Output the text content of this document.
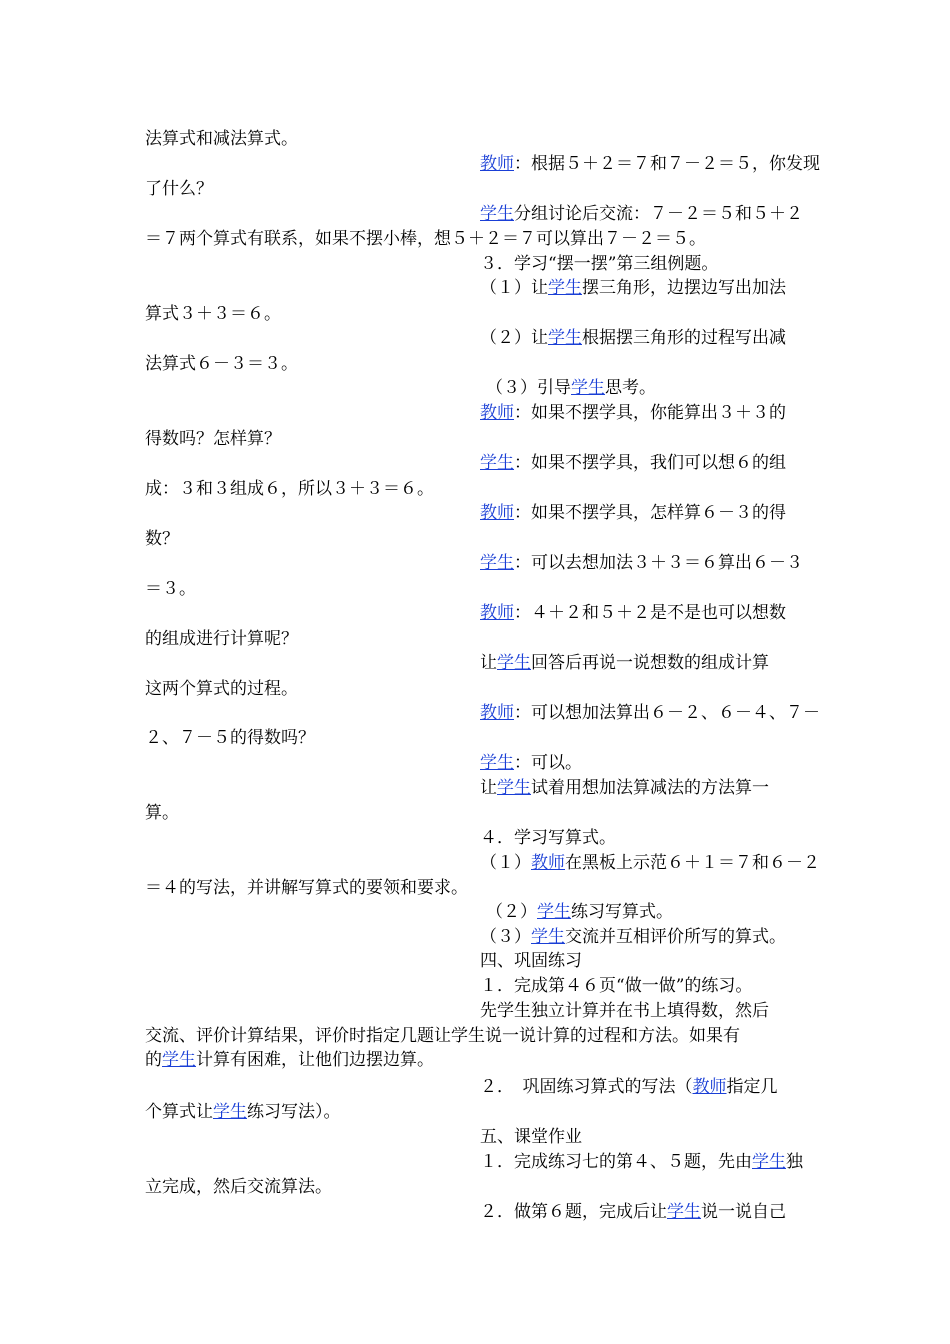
法算式和减法算式。
教师：根据５＋２＝７和７－２＝５，你发现
了什么？
学生分组讨论后交流：７－２＝５和５＋２
＝７两个算式有联系，如果不摆小棒，想５＋２＝７可以算出７－２＝５。
３．学习“摆一摆”第三组例题。
（１）让学生摆三角形，边摆边写出加法
算式３＋３＝６。
（２）让学生根据摆三角形的过程写出减
法算式６－３＝３。
（３）引导学生思考。
教师：如果不摆学具，你能算出３＋３的
得数吗？怎样算？
学生：如果不摆学具，我们可以想６的组
成：３和３组成６，所以３＋３＝６。
教师：如果不摆学具，怎样算６－３的得
数？
学生：可以去想加法３＋３＝６算出６－３
＝３。
教师：４＋２和５＋２是不是也可以想数
的组成进行计算呢？
让学生回答后再说一说想数的组成计算
这两个算式的过程。
教师：可以想加法算出６－２、６－４、７－
２、７－５的得数吗？
学生：可以。
让学生试着用想加法算减法的方法算一
算。
４．学习写算式。
（１）教师在黑板上示范６＋１＝７和６－２
＝４的写法，并讲解写算式的要领和要求。
（２）学生练习写算式。
（３）学生交流并互相评价所写的算式。
四、巩固练习
１．完成第４６页“做一做”的练习。
先学生独立计算并在书上填得数，然后
交流、评价计算结果，评价时指定几题让学生说一说计算的过程和方法。如果有
的学生计算有困难，让他们边摆边算。
２．　巩固练习算式的写法（教师指定几
个算式让学生练习写法）。
五、课堂作业
１．完成练习七的第４、５题，先由学生独
立完成，然后交流算法。
２．做第６题，完成后让学生说一说自己
